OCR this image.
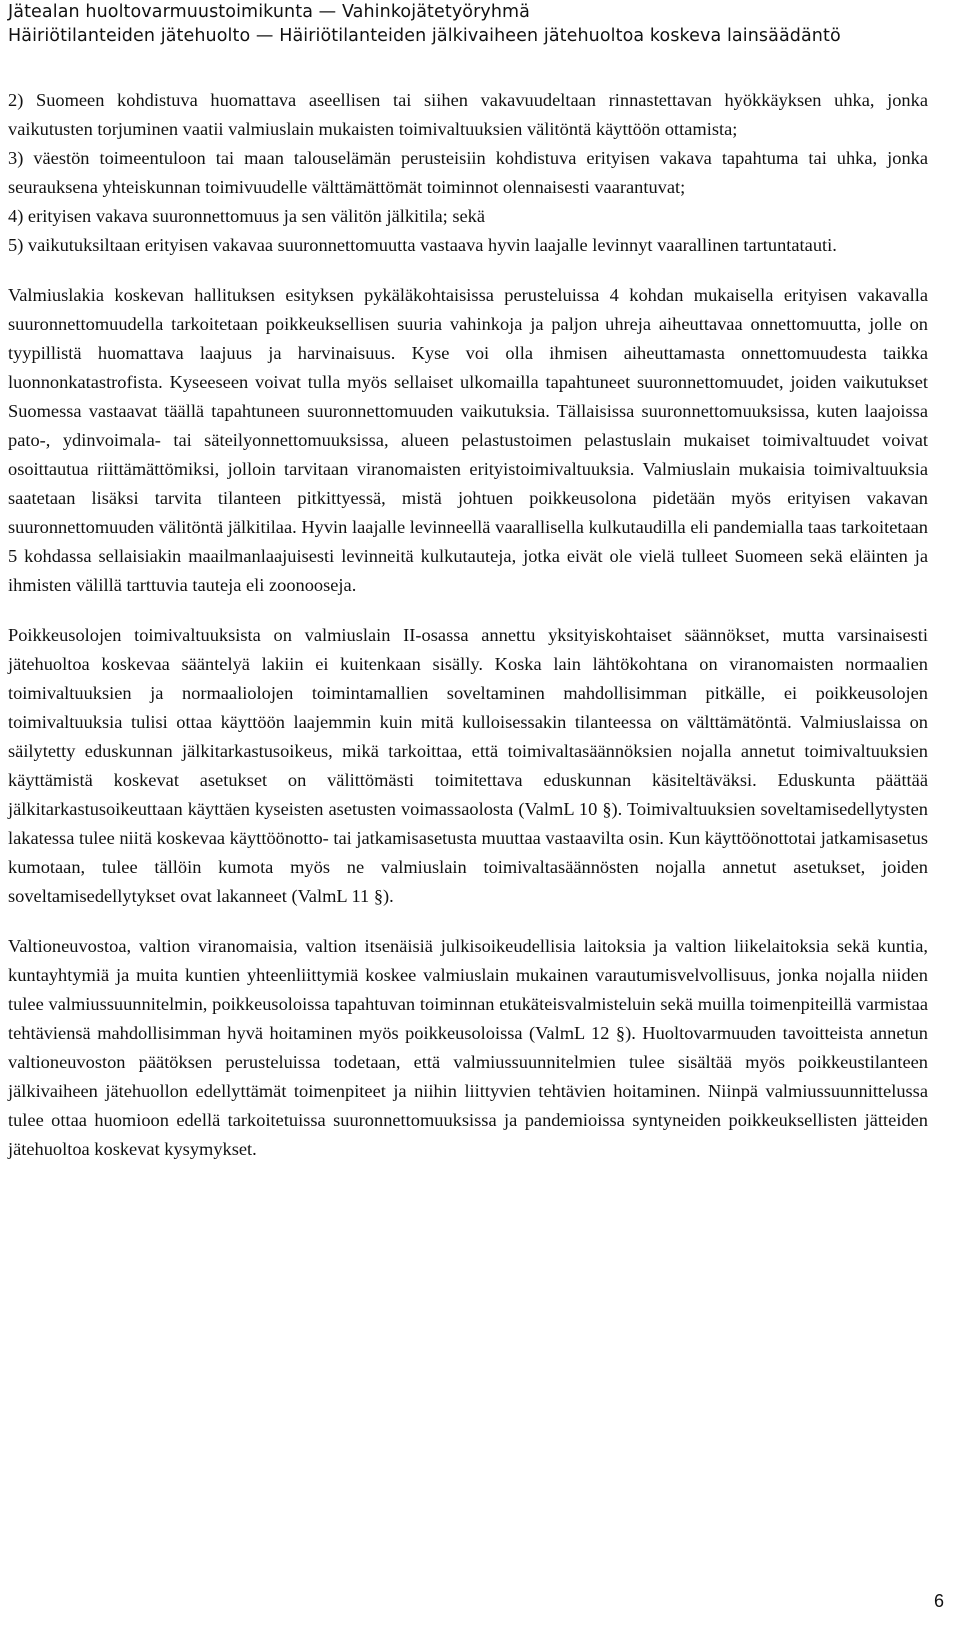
Jätealan huoltovarmuustoimikunta — Vahinkojätetyöryhmä
Häiriötilanteiden jätehuolto — Häiriötilanteiden jälkivaiheen jätehuoltoa koskeva lainsäädäntö

2) Suomeen kohdistuva huomattava aseellisen tai siihen vakavuudeltaan rinnastettavan hyökkäyksen uhka, jonka vaikutusten torjuminen vaatii valmiuslain mukaisten toimivaltuuksien välitöntä käyttöön ottamista;

3) väestön toimeentuloon tai maan talouselämän perusteisiin kohdistuva erityisen vakava tapahtuma tai uhka, jonka seurauksena yhteiskunnan toimivuudelle välttämättömät toiminnot olennaisesti vaarantuvat;

4) erityisen vakava suuronnettomuus ja sen välitön jälkitila; sekä

5) vaikutuksiltaan erityisen vakavaa suuronnettomuutta vastaava hyvin laajalle levinnyt vaarallinen tartuntatauti.

Valmiuslakia koskevan hallituksen esityksen pykäläkohtaisissa perusteluissa 4 kohdan mukaisella erityisen vakavalla suuronnettomuudella tarkoitetaan poikkeuksellisen suuria vahinkoja ja paljon uhreja aiheuttavaa onnettomuutta, jolle on tyypillistä huomattava laajuus ja harvinaisuus. Kyse voi olla ihmisen aiheuttamasta onnettomuudesta taikka luonnonkatastrofista. Kyseeseen voivat tulla myös sellaiset ulkomailla tapahtuneet suuronnettomuudet, joiden vaikutukset Suomessa vastaavat täällä tapahtuneen suuronnettomuuden vaikutuksia. Tällaisissa suuronnettomuuksissa, kuten laajoissa pato-, ydinvoimala- tai säteilyonnettomuuksissa, alueen pelastustoimen pelastuslain mukaiset toimivaltuudet voivat osoittautua riittämättömiksi, jolloin tarvitaan viranomaisten erityistoimivaltuuksia. Valmiuslain mukaisia toimivaltuuksia saatetaan lisäksi tarvita tilanteen pitkittyessä, mistä johtuen poikkeusolona pidetään myös erityisen vakavan suuronnettomuuden välitöntä jälkitilaa. Hyvin laajalle levinneellä vaarallisella kulkutaudilla eli pandemialla taas tarkoitetaan 5 kohdassa sellaisiakin maailmanlaajuisesti levinneitä kulkutauteja, jotka eivät ole vielä tulleet Suomeen sekä eläinten ja ihmisten välillä tarttuvia tauteja eli zoonooseja.

Poikkeusolojen toimivaltuuksista on valmiuslain II-osassa annettu yksityiskohtaiset säännökset, mutta varsinaisesti jätehuoltoa koskevaa sääntelyä lakiin ei kuitenkaan sisälly. Koska lain lähtökohtana on viranomaisten normaalien toimivaltuuksien ja normaaliolojen toimintamallien soveltaminen mahdollisimman pitkälle, ei poikkeusolojen toimivaltuuksia tulisi ottaa käyttöön laajemmin kuin mitä kulloisessakin tilanteessa on välttämätöntä. Valmiuslaissa on säilytetty eduskunnan jälkitarkastusoikeus, mikä tarkoittaa, että toimivaltasäännöksien nojalla annetut toimivaltuuksien käyttämistä koskevat asetukset on välittömästi toimitettava eduskunnan käsiteltäväksi. Eduskunta päättää jälkitarkastusoikeuttaan käyttäen kyseisten asetusten voimassaolosta (ValmL 10 §). Toimivaltuuksien soveltamisedellytysten lakatessa tulee niitä koskevaa käyttöönotto- tai jatkamisasetusta muuttaa vastaavilta osin. Kun käyttöönottotai jatkamisasetus kumotaan, tulee tällöin kumota myös ne valmiuslain toimivaltasäännösten nojalla annetut asetukset, joiden soveltamisedellytykset ovat lakanneet (ValmL 11 §).

Valtioneuvostoa, valtion viranomaisia, valtion itsenäisiä julkisoikeudellisia laitoksia ja valtion liikelaitoksia sekä kuntia, kuntayhtymiä ja muita kuntien yhteenliittymiä koskee valmiuslain mukainen varautumisvelvollisuus, jonka nojalla niiden tulee valmiussuunnitelmin, poikkeusoloissa tapahtuvan toiminnan etukäteisvalmisteluin sekä muilla toimenpiteillä varmistaa tehtäviensä mahdollisimman hyvä hoitaminen myös poikkeusoloissa (ValmL 12 §). Huoltovarmuuden tavoitteista annetun valtioneuvoston päätöksen perusteluissa todetaan, että valmiussuunnitelmien tulee sisältää myös poikkeustilanteen jälkivaiheen jätehuollon edellyttämät toimenpiteet ja niihin liittyvien tehtävien hoitaminen. Niinpä valmiussuunnittelussa tulee ottaa huomioon edellä tarkoitetuissa suuronnettomuuksissa ja pandemioissa syntyneiden poikkeuksellisten jätteiden jätehuoltoa koskevat kysymykset.

6
